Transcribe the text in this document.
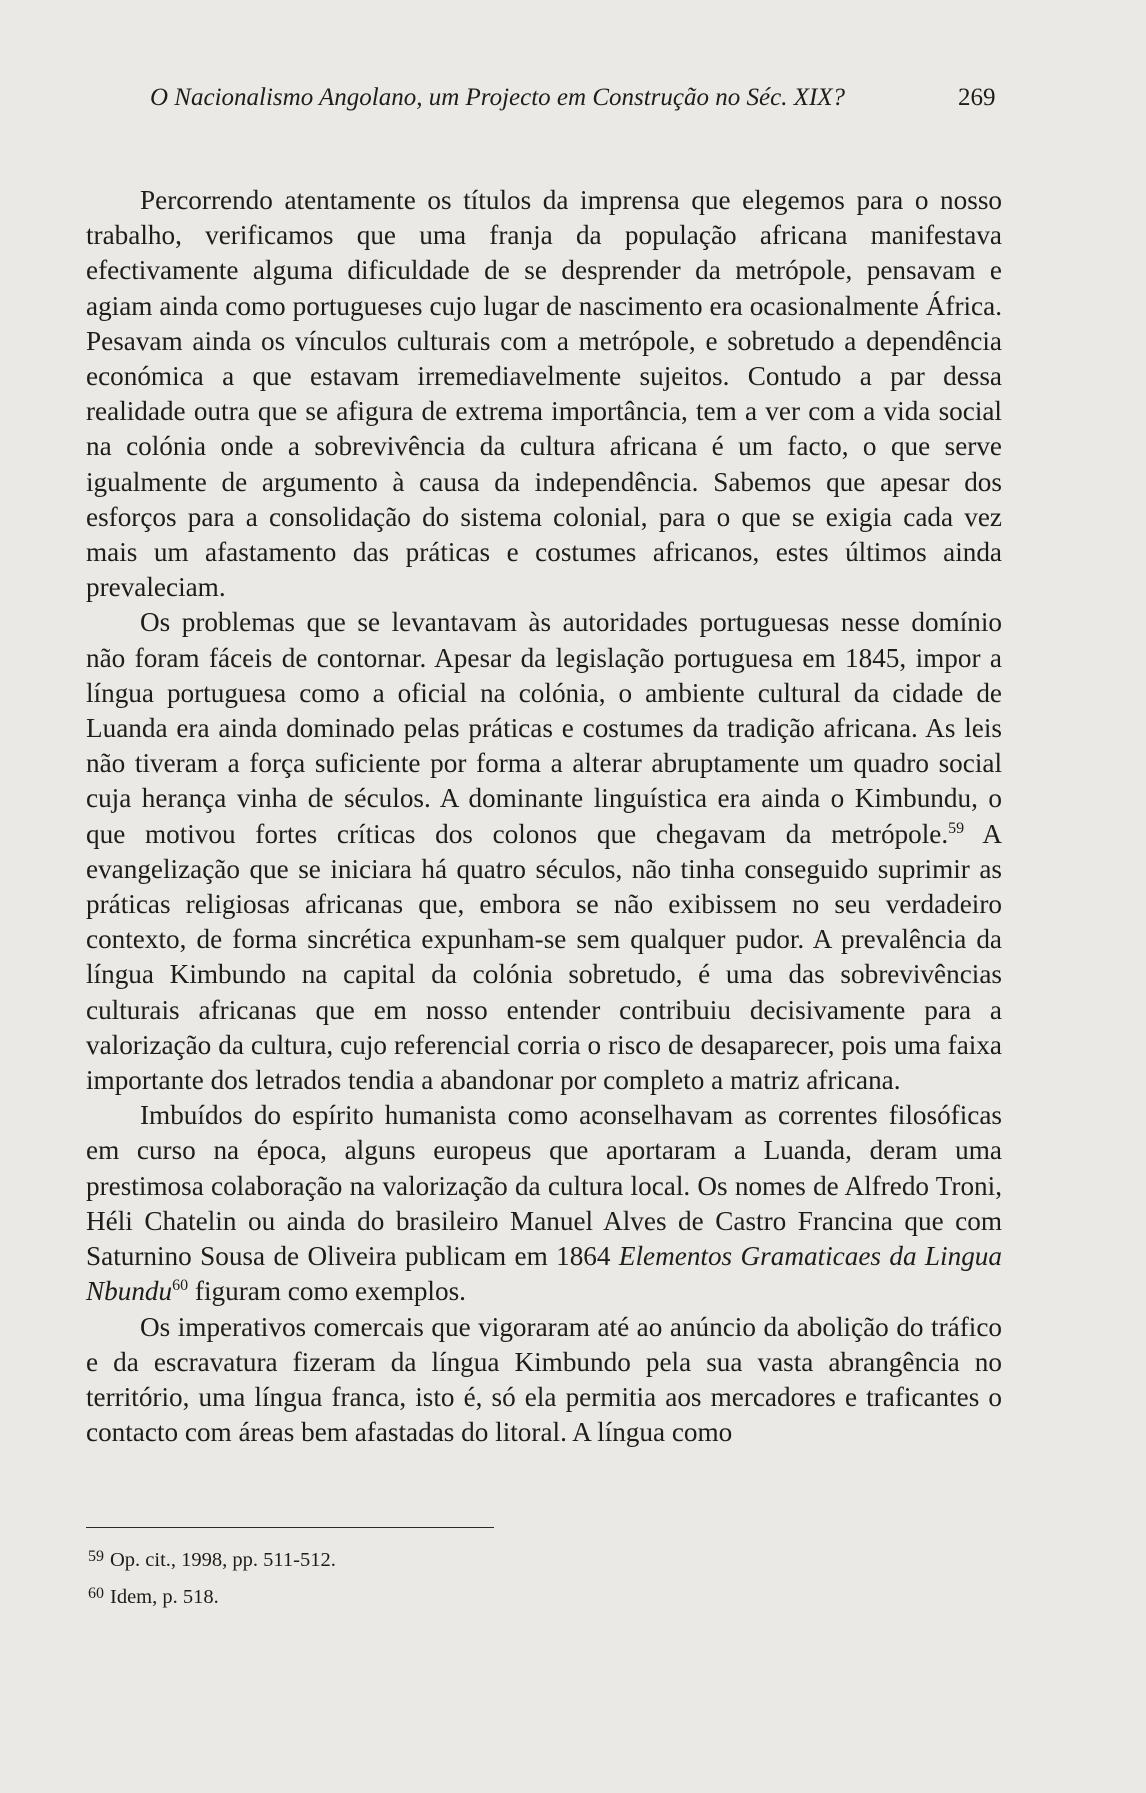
O Nacionalismo Angolano, um Projecto em Construção no Séc. XIX?	269

Percorrendo atentamente os títulos da imprensa que elegemos para o nosso trabalho, verificamos que uma franja da população africana manifestava efectivamente alguma dificuldade de se desprender da metrópole, pensavam e agiam ainda como portugueses cujo lugar de nascimento era ocasionalmente África. Pesavam ainda os vínculos culturais com a metrópole, e sobretudo a dependência económica a que estavam irremediavelmente sujeitos. Contudo a par dessa realidade outra que se afigura de extrema importância, tem a ver com a vida social na colónia onde a sobrevivência da cultura africana é um facto, o que serve igualmente de argumento à causa da independência. Sabemos que apesar dos esforços para a consolidação do sistema colonial, para o que se exigia cada vez mais um afastamento das práticas e costumes africanos, estes últimos ainda prevaleciam.

Os problemas que se levantavam às autoridades portuguesas nesse domínio não foram fáceis de contornar. Apesar da legislação portuguesa em 1845, impor a língua portuguesa como a oficial na colónia, o ambiente cultural da cidade de Luanda era ainda dominado pelas práticas e costumes da tradição africana. As leis não tiveram a força suficiente por forma a alterar abruptamente um quadro social cuja herança vinha de séculos. A dominante linguística era ainda o Kimbundu, o que motivou fortes críticas dos colonos que chegavam da metrópole.$^{59}$ A evangelização que se iniciara há quatro séculos, não tinha conseguido suprimir as práticas religiosas africanas que, embora se não exibissem no seu verdadeiro contexto, de forma sincrética expunham-se sem qualquer pudor. A prevalência da língua Kimbundo na capital da colónia sobretudo, é uma das sobrevivências culturais africanas que em nosso entender contribuiu decisivamente para a valorização da cultura, cujo referencial corria o risco de desaparecer, pois uma faixa importante dos letrados tendia a abandonar por completo a matriz africana.

Imbuídos do espírito humanista como aconselhavam as correntes filosóficas em curso na época, alguns europeus que aportaram a Luanda, deram uma prestimosa colaboração na valorização da cultura local. Os nomes de Alfredo Troni, Héli Chatelin ou ainda do brasileiro Manuel Alves de Castro Francina que com Saturnino Sousa de Oliveira publicam em 1864 Elementos Gramaticaes da Lingua Nbundu$^{60}$ figuram como exemplos.

Os imperativos comercais que vigoraram até ao anúncio da abolição do tráfico e da escravatura fizeram da língua Kimbundo pela sua vasta abrangência no território, uma língua franca, isto é, só ela permitia aos mercadores e traficantes o contacto com áreas bem afastadas do litoral. A língua como

$^{59}$ Op. cit., 1998, pp. 511-512.
$^{60}$ Idem, p. 518.
